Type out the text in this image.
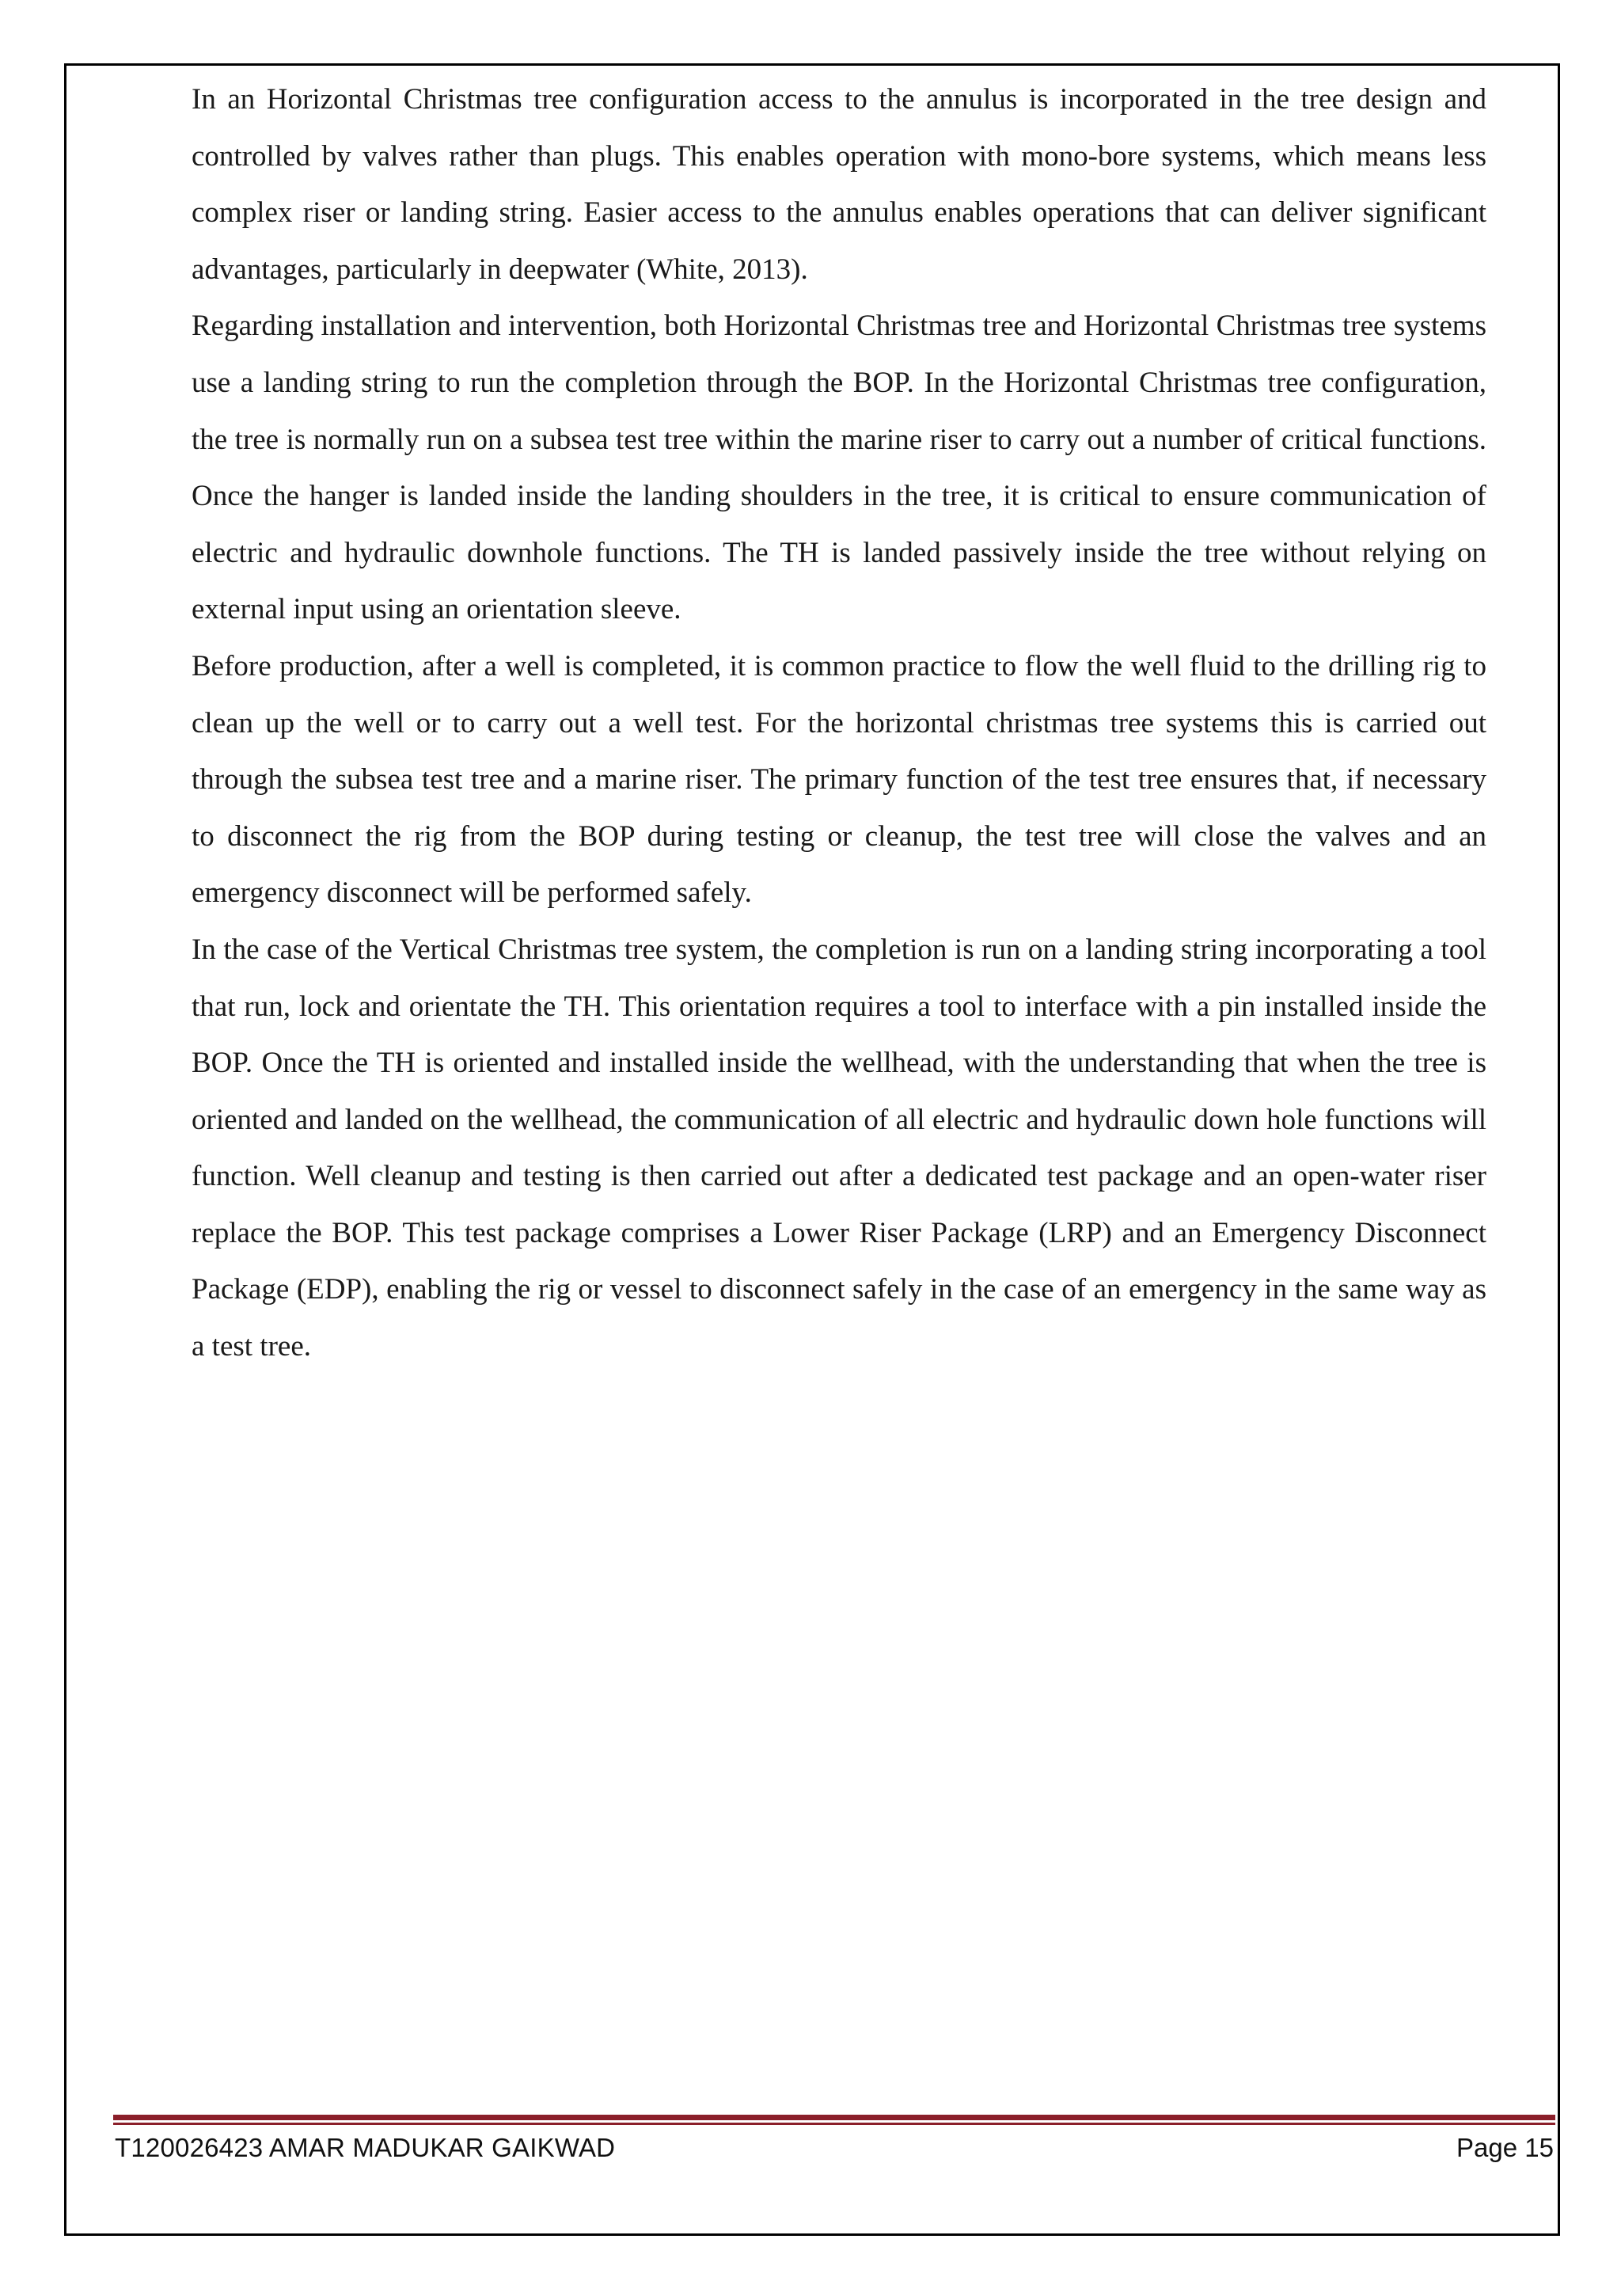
In an Horizontal Christmas tree configuration access to the annulus is incorporated in the tree design and controlled by valves rather than plugs. This enables operation with mono-bore systems, which means less complex riser or landing string. Easier access to the annulus enables operations that can deliver significant advantages, particularly in deepwater (White, 2013).

Regarding installation and intervention, both Horizontal Christmas tree and Horizontal Christmas tree systems use a landing string to run the completion through the BOP. In the Horizontal Christmas tree configuration, the tree is normally run on a subsea test tree within the marine riser to carry out a number of critical functions. Once the hanger is landed inside the landing shoulders in the tree, it is critical to ensure communication of electric and hydraulic downhole functions. The TH is landed passively inside the tree without relying on external input using an orientation sleeve.

Before production, after a well is completed, it is common practice to flow the well fluid to the drilling rig to clean up the well or to carry out a well test. For the horizontal christmas tree systems this is carried out through the subsea test tree and a marine riser. The primary function of the test tree ensures that, if necessary to disconnect the rig from the BOP during testing or cleanup, the test tree will close the valves and an emergency disconnect will be performed safely.

In the case of the Vertical Christmas tree system, the completion is run on a landing string incorporating a tool that run, lock and orientate the TH. This orientation requires a tool to interface with a pin installed inside the BOP. Once the TH is oriented and installed inside the wellhead, with the understanding that when the tree is oriented and landed on the wellhead, the communication of all electric and hydraulic down hole functions will function. Well cleanup and testing is then carried out after a dedicated test package and an open-water riser replace the BOP. This test package comprises a Lower Riser Package (LRP) and an Emergency Disconnect Package (EDP), enabling the rig or vessel to disconnect safely in the case of an emergency in the same way as a test tree.

T120026423 AMAR MADUKAR GAIKWAD	Page 15
